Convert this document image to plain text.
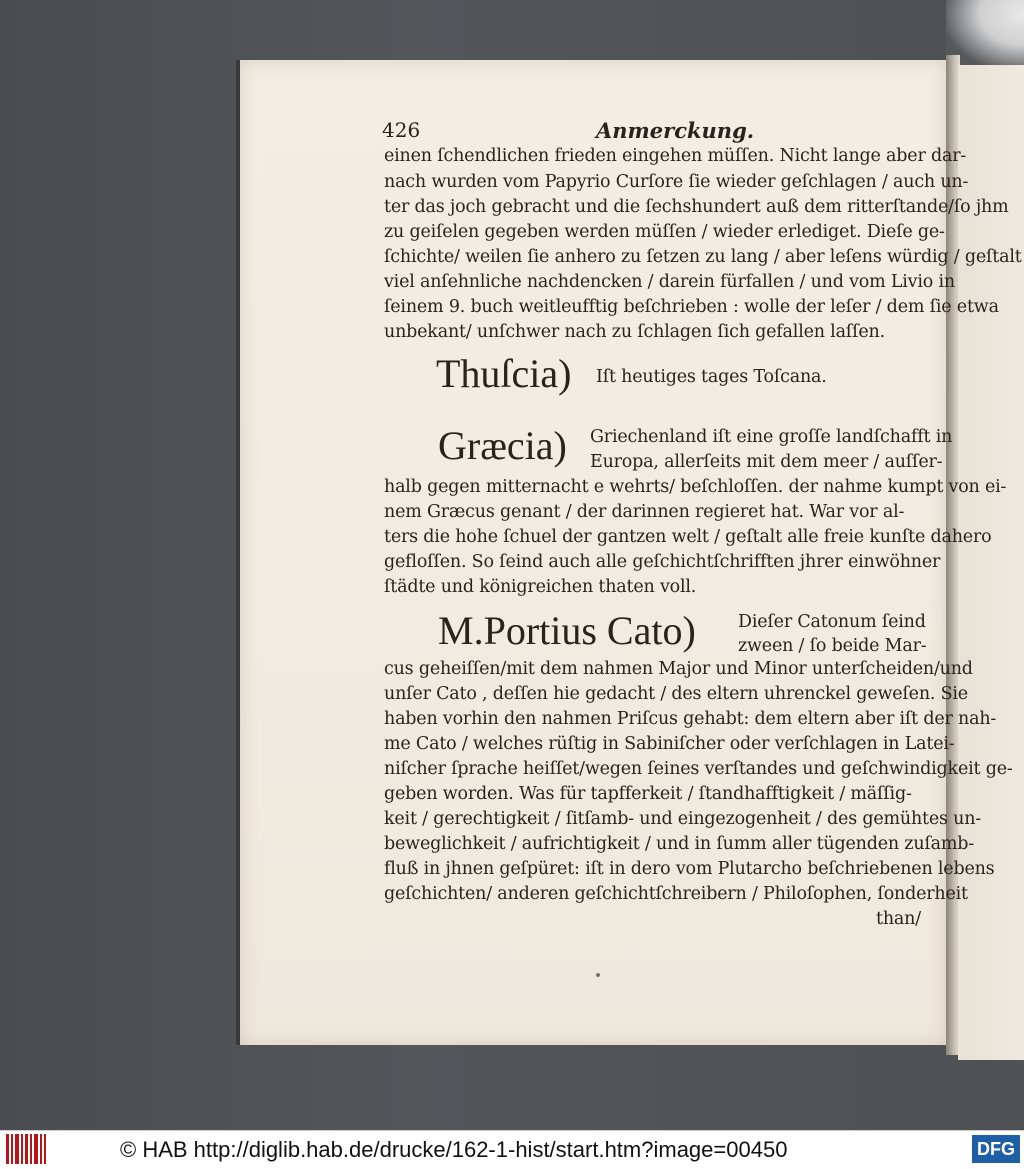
426	Anmerckung.
einen ſchendlichen frieden eingehen müſſen. Nicht lange aber dar-
nach wurden vom Papyrio Curſore ſie wieder geſchlagen / auch un-
ter das joch gebracht und die ſechshundert auß dem ritterſtande/ſo jhm
zu geiſelen gegeben werden müſſen / wieder erlediget. Dieſe ge-
ſchichte/ weilen ſie anhero zu ſetzen zu lang / aber leſens würdig / geſtalt
viel anſehnliche nachdencken / darein fürfallen / und vom Livio in
ſeinem 9. buch weitleufftig beſchrieben : wolle der leſer / dem ſie etwa
unbekant/ unſchwer nach zu ſchlagen ſich gefallen laſſen.
Thuſcia) Iſt heutiges tages Toſcana.
Græcia) Griechenland iſt eine groſſe landſchafft in
Europa, allerſeits mit dem meer / auſſer-
halb gegen mitternacht e wehrts/ beſchloſſen. der nahme kumpt von ei-
nem Græcus genant / der darinnen regieret hat. War vor al-
ters die hohe ſchuel der gantzen welt / geſtalt alle freie kunſte dahero
gefloſſen. So ſeind auch alle geſchichtſchrifften jhrer einwöhner
ſtädte und königreichen thaten voll.
M.Portius Cato) Dieſer Catonum ſeind
zween / ſo beide Mar-
cus geheiſſen/mit dem nahmen Major und Minor unterſcheiden/und
unſer Cato , deſſen hie gedacht / des eltern uhrenckel geweſen. Sie
haben vorhin den nahmen Priſcus gehabt: dem eltern aber iſt der nah-
me Cato / welches rüſtig in Sabiniſcher oder verſchlagen in Latei-
niſcher ſprache heiſſet/wegen ſeines verſtandes und geſchwindigkeit ge-
geben worden. Was für tapfferkeit / ſtandhafftigkeit / mäſſig-
keit / gerechtigkeit / ſitſamb- und eingezogenheit / des gemühtes un-
beweglichkeit / aufrichtigkeit / und in ſumm aller tügenden zuſamb-
fluß in jhnen geſpüret: iſt in dero vom Plutarcho beſchriebenen lebens
geſchichten/ anderen geſchichtſchreibern / Philoſophen, ſonderheit
than/
© HAB http://diglib.hab.de/drucke/162-1-hist/start.htm?image=00450	DFG
